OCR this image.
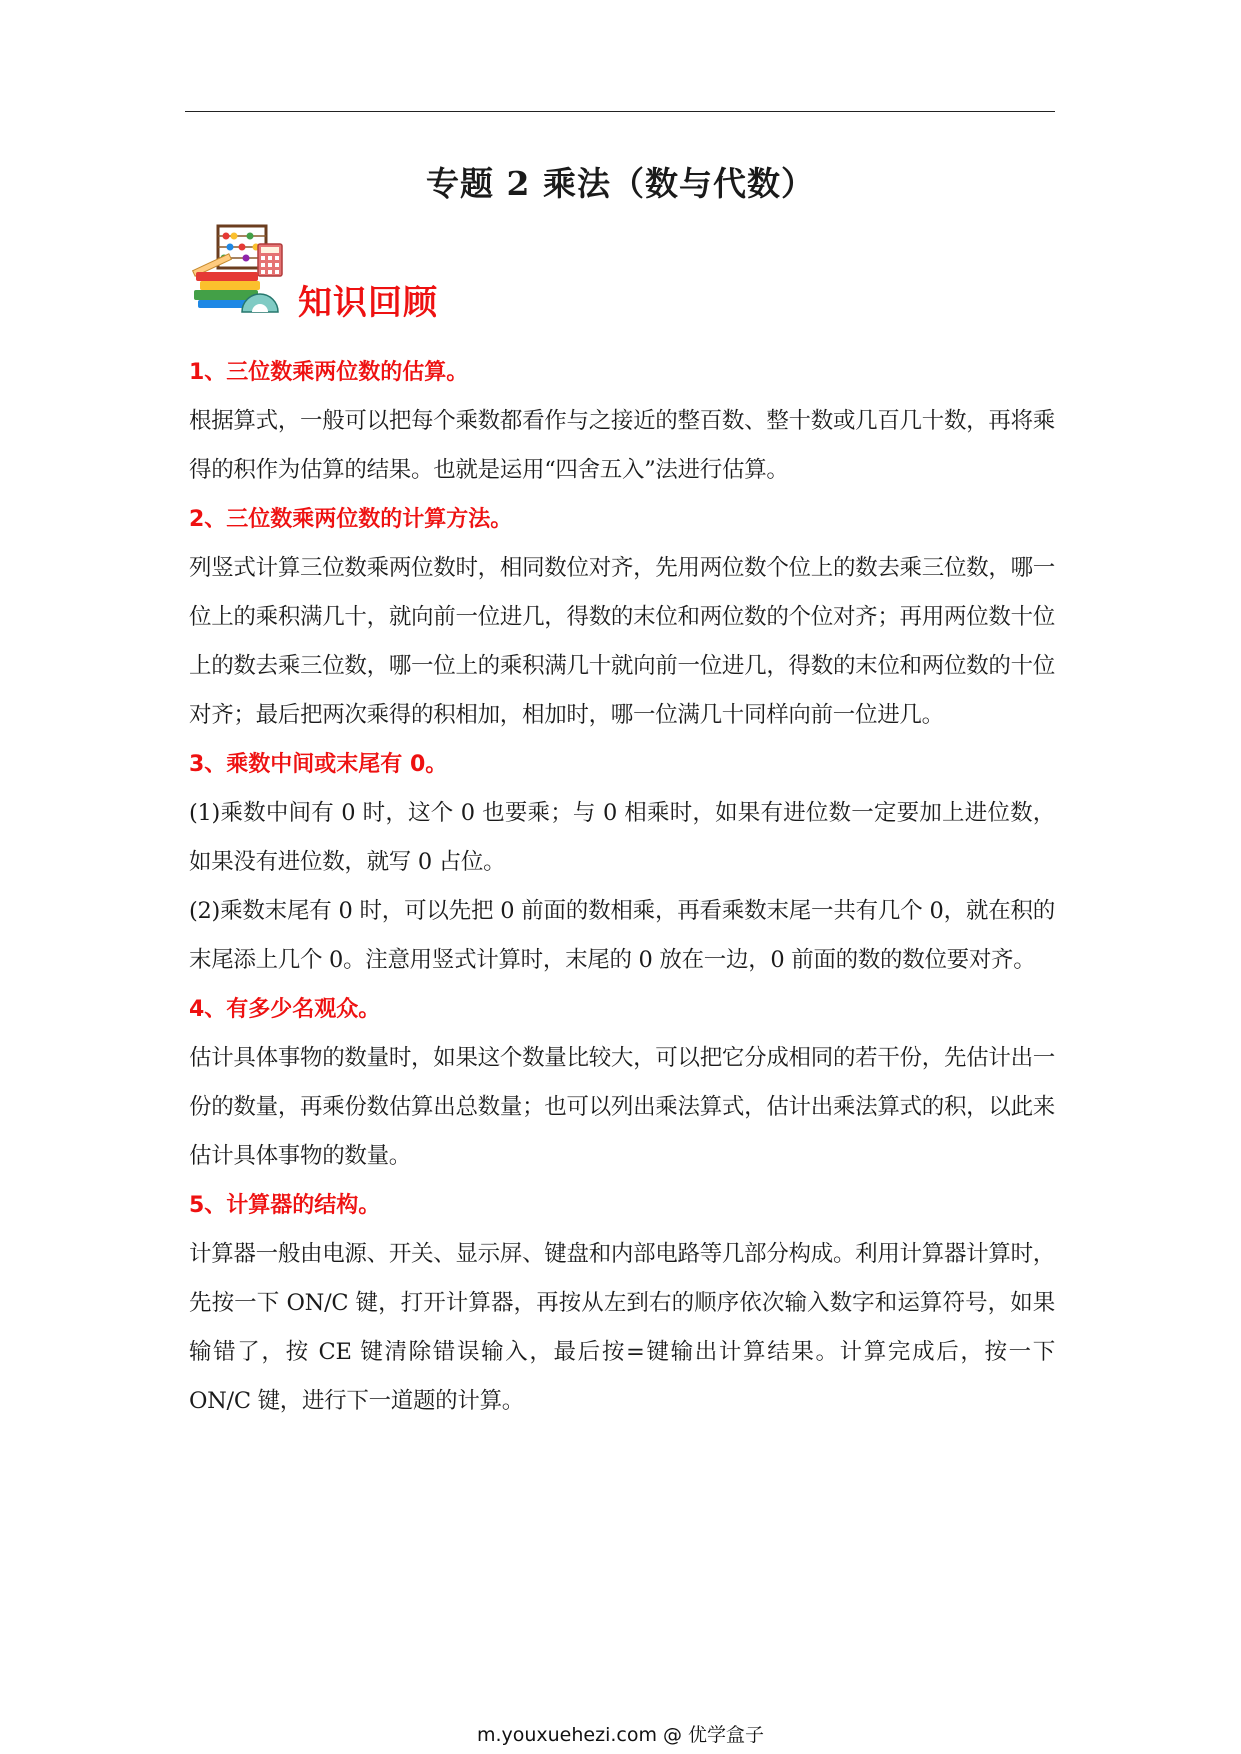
专题 2 乘法（数与代数）
知识回顾
1、三位数乘两位数的估算。

根据算式，一般可以把每个乘数都看作与之接近的整百数、整十数或几百几十数，再将乘得的积作为估算的结果。也就是运用“四舍五入”法进行估算。

2、三位数乘两位数的计算方法。

列竖式计算三位数乘两位数时，相同数位对齐，先用两位数个位上的数去乘三位数，哪一位上的乘积满几十，就向前一位进几，得数的末位和两位数的个位对齐；再用两位数十位上的数去乘三位数，哪一位上的乘积满几十就向前一位进几，得数的末位和两位数的十位对齐；最后把两次乘得的积相加，相加时，哪一位满几十同样向前一位进几。

3、乘数中间或末尾有 0。

(1)乘数中间有 0 时，这个 0 也要乘；与 0 相乘时，如果有进位数一定要加上进位数，如果没有进位数，就写 0 占位。

(2)乘数末尾有 0 时，可以先把 0 前面的数相乘，再看乘数末尾一共有几个 0，就在积的末尾添上几个 0。注意用竖式计算时，末尾的 0 放在一边，0 前面的数的数位要对齐。

4、有多少名观众。

估计具体事物的数量时，如果这个数量比较大，可以把它分成相同的若干份，先估计出一份的数量，再乘份数估算出总数量；也可以列出乘法算式，估计出乘法算式的积，以此来估计具体事物的数量。

5、计算器的结构。

计算器一般由电源、开关、显示屏、键盘和内部电路等几部分构成。利用计算器计算时，先按一下 ON/C 键，打开计算器，再按从左到右的顺序依次输入数字和运算符号，如果输错了，按 CE 键清除错误输入，最后按=键输出计算结果。计算完成后，按一下 ON/C 键，进行下一道题的计算。

m.youxuehezi.com @ 优学盒子
